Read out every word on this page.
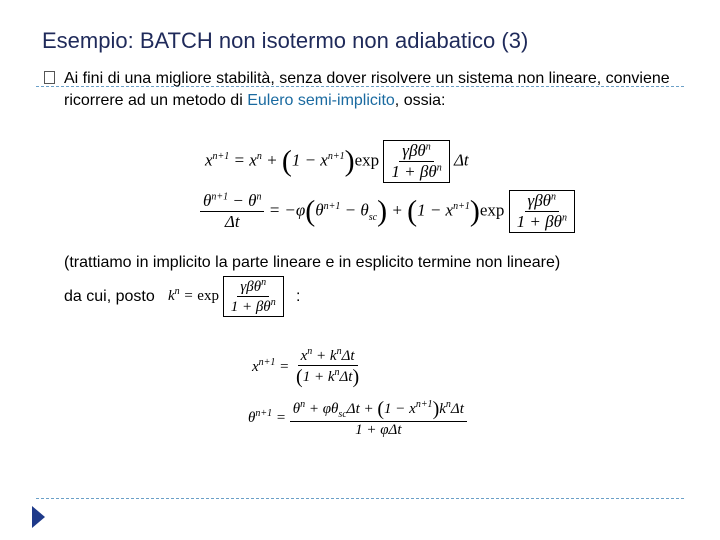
Esempio: BATCH non isotermo non adiabatico (3)
Ai fini di una migliore stabilità, senza dover risolvere un sistema non lineare, conviene ricorrere ad un metodo di Eulero semi-implicito, ossia:
$x^{n+1} = x^n + (1 - x^{n+1})\exp \frac{\gamma\beta\theta^n}{1 + \beta\theta^n}$ Δt
$\frac{\theta^{n+1} - \theta^n}{\Delta t} = -\varphi(\theta^{n+1} - \theta_{sc}) + (1 - x^{n+1})\exp \frac{\gamma\beta\theta^n}{1 + \beta\theta^n}$
(trattiamo in implicito la parte lineare e in esplicito termine non lineare)
da cui, posto $k^n = \exp \frac{\gamma\beta\theta^n}{1 + \beta\theta^n}$ :
$x^{n+1} = \frac{x^n + k^n\Delta t}{(1 + k^n\Delta t)}$
$\theta^{n+1} = \frac{\theta^n + \varphi\theta_{sc}\Delta t + (1 - x^{n+1})k^n\Delta t}{\text{1 + φΔt}}$
